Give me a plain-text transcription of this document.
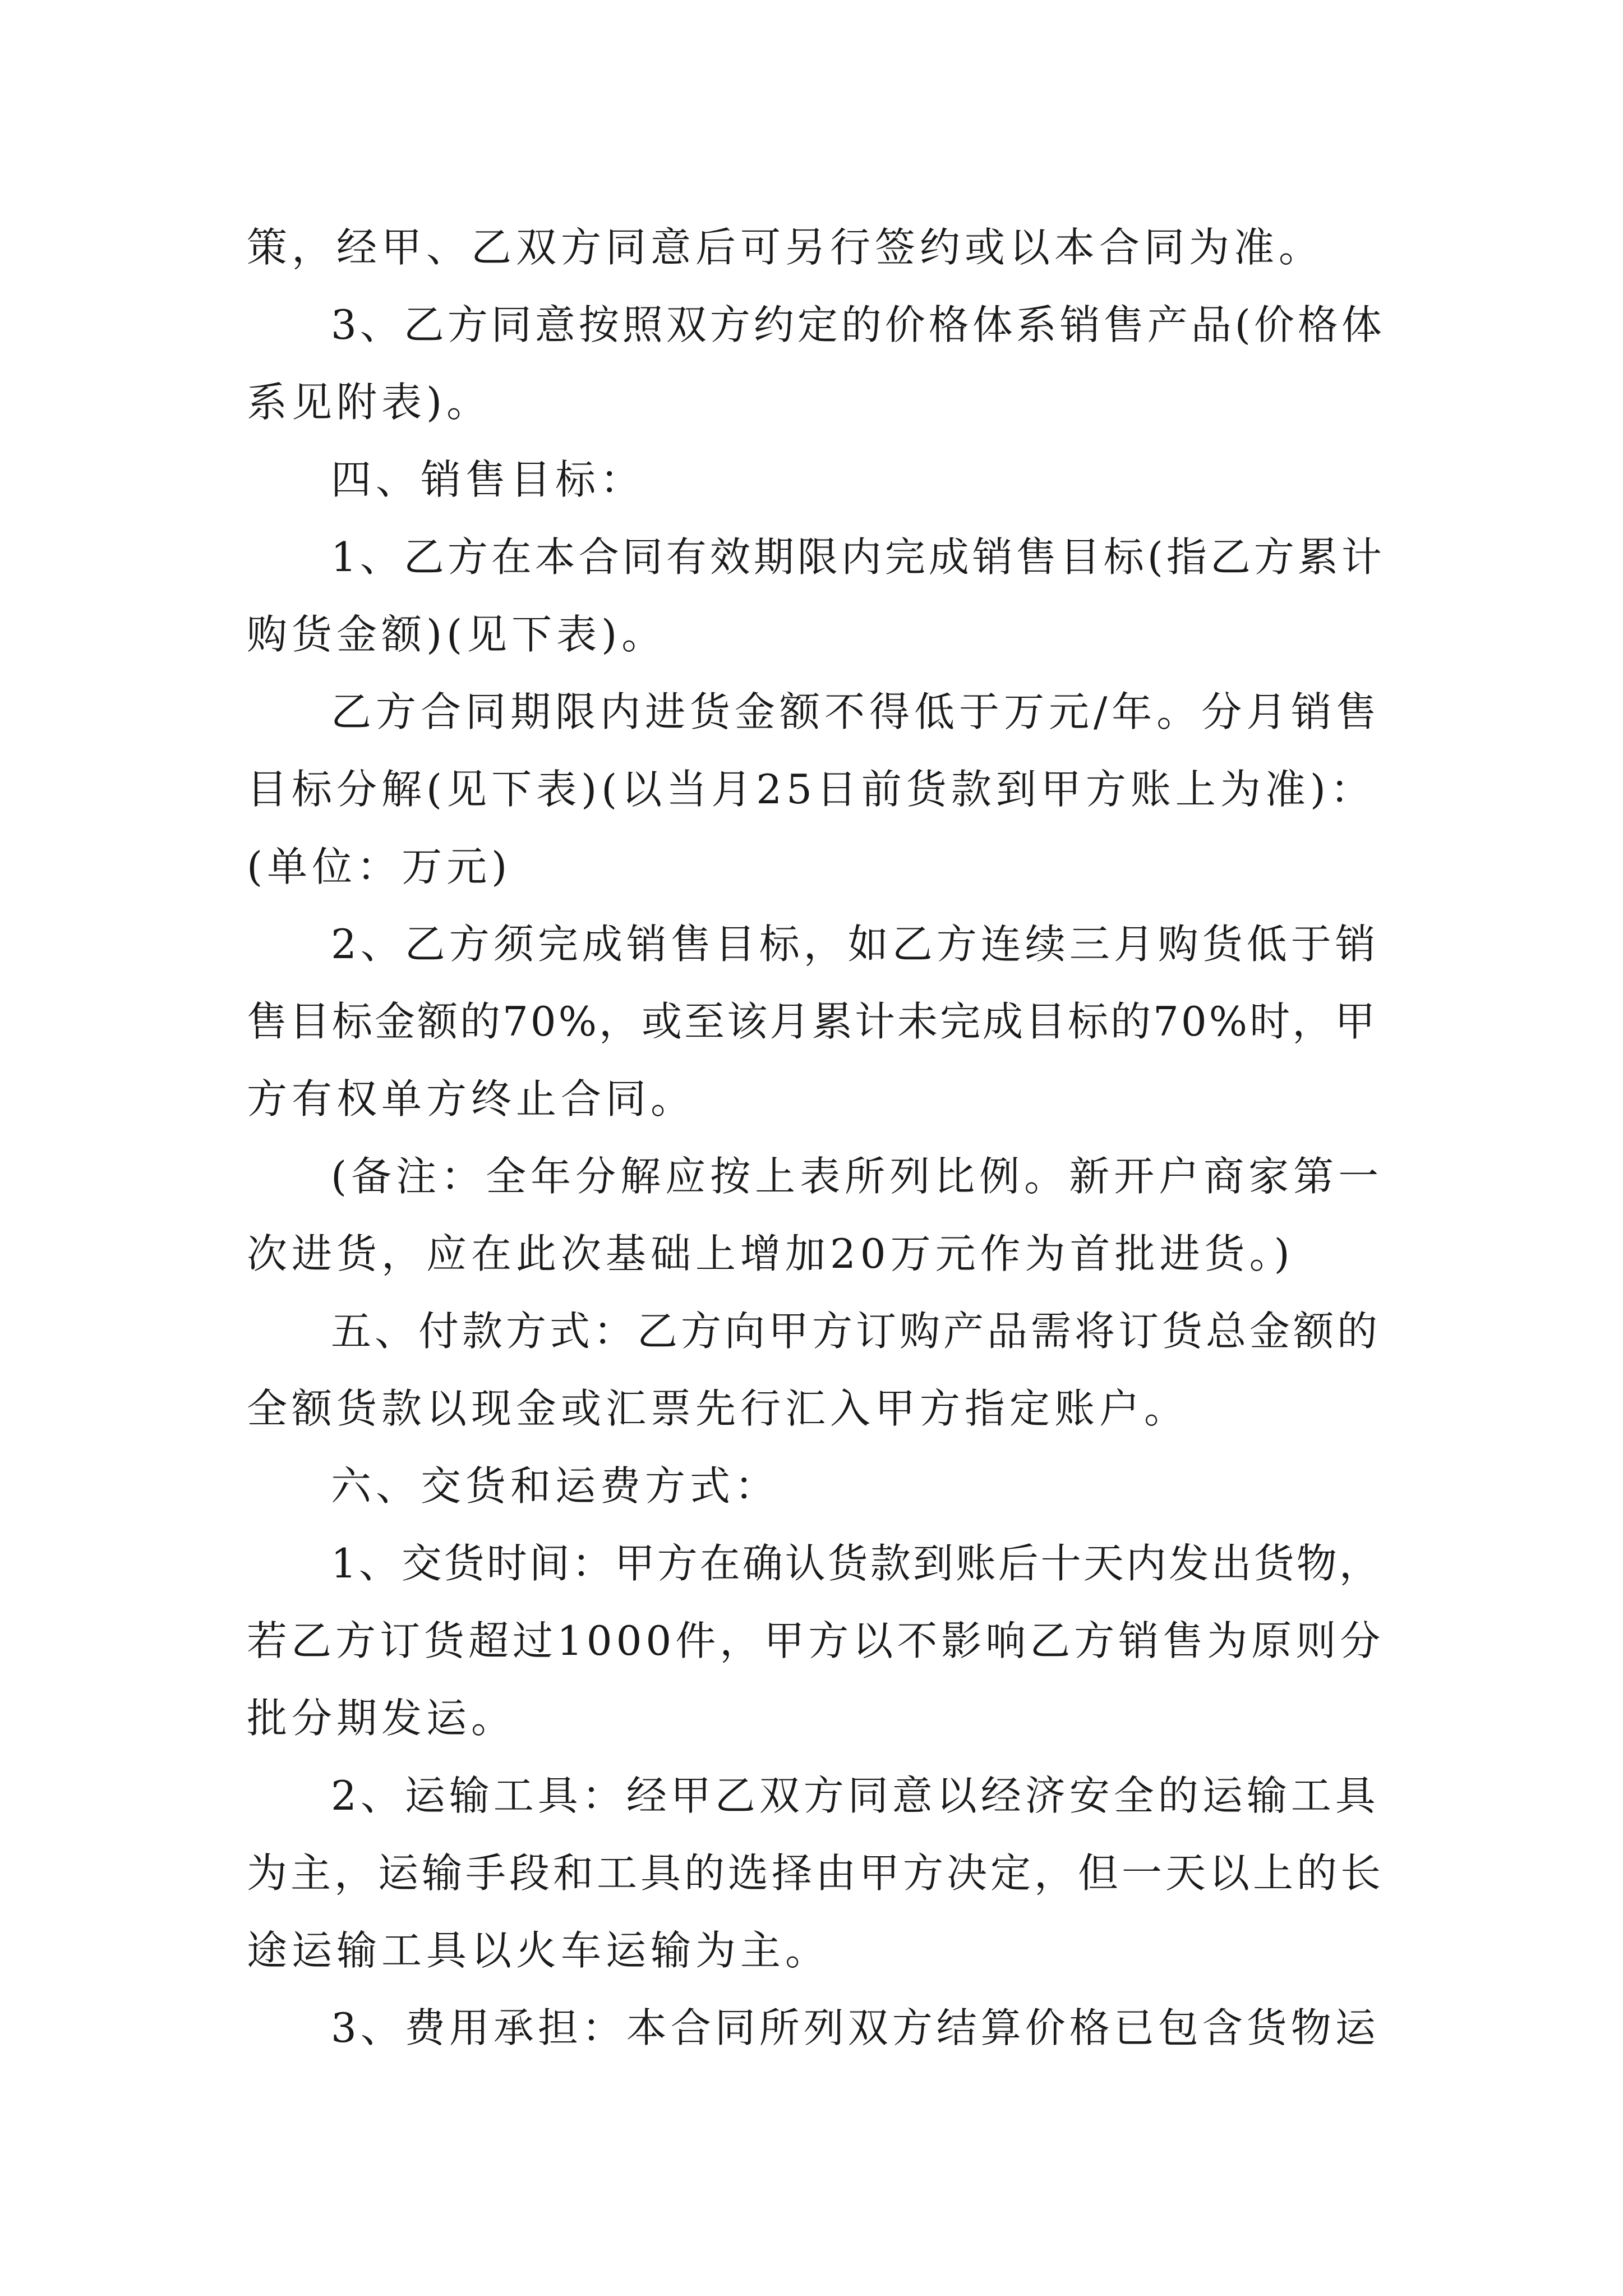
策，经甲、乙双方同意后可另行签约或以本合同为准。
3、乙方同意按照双方约定的价格体系销售产品(价格体
系见附表)。
四、销售目标：
1、乙方在本合同有效期限内完成销售目标(指乙方累计
购货金额)(见下表)。
乙方合同期限内进货金额不得低于万元/年。分月销售
目标分解(见下表)(以当月25日前货款到甲方账上为准)：
(单位：万元)
2、乙方须完成销售目标，如乙方连续三月购货低于销
售目标金额的70%，或至该月累计未完成目标的70%时，甲
方有权单方终止合同。
(备注：全年分解应按上表所列比例。新开户商家第一
次进货，应在此次基础上增加20万元作为首批进货。)
五、付款方式：乙方向甲方订购产品需将订货总金额的
全额货款以现金或汇票先行汇入甲方指定账户。
六、交货和运费方式：
1、交货时间：甲方在确认货款到账后十天内发出货物，
若乙方订货超过1000件，甲方以不影响乙方销售为原则分
批分期发运。
2、运输工具：经甲乙双方同意以经济安全的运输工具
为主，运输手段和工具的选择由甲方决定，但一天以上的长
途运输工具以火车运输为主。
3、费用承担：本合同所列双方结算价格已包含货物运
